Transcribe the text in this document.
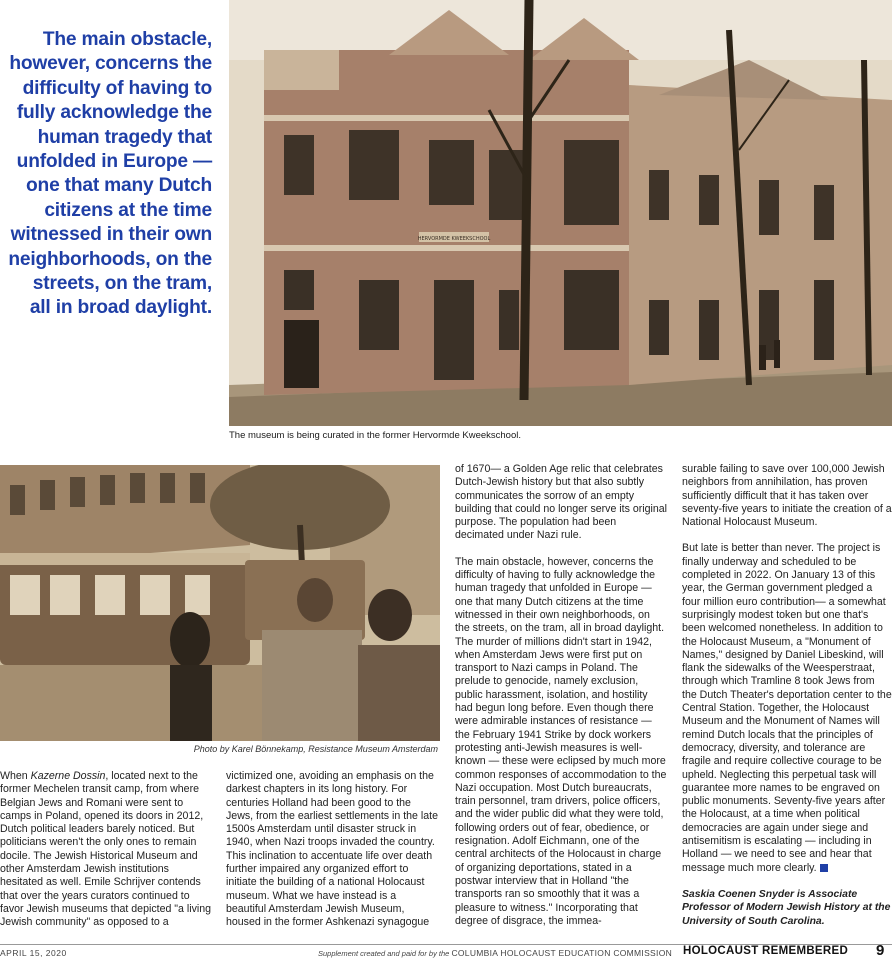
The main obstacle, however, concerns the difficulty of having to fully acknowledge the human tragedy that unfolded in Europe — one that many Dutch citizens at the time witnessed in their own neighborhoods, on the streets, on the tram, all in broad daylight.
HERVORMDE KWEEKSCHOOL
The museum is being curated in the former Hervormde Kweekschool.
Photo by Karel Bönnekamp, Resistance Museum Amsterdam

When Kazerne Dossin, located next to the former Mechelen transit camp, from where Belgian Jews and Romani were sent to camps in Poland, opened its doors in 2012, Dutch political leaders barely noticed. But politicians weren't the only ones to remain docile. The Jewish Historical Museum and other Amsterdam Jewish institutions hesitated as well. Emile Schrijver contends that over the years curators continued to favor Jewish museums that depicted "a living Jewish community" as opposed to a

victimized one, avoiding an emphasis on the darkest chapters in its long history. For centuries Holland had been good to the Jews, from the earliest settlements in the late 1500s Amsterdam until disaster struck in 1940, when Nazi troops invaded the country. This inclination to accentuate life over death further impaired any organized effort to initiate the building of a national Holocaust museum. What we have instead is a beautiful Amsterdam Jewish Museum, housed in the former Ashkenazi synagogue

of 1670— a Golden Age relic that celebrates Dutch-Jewish history but that also subtly communicates the sorrow of an empty building that could no longer serve its original purpose. The population had been decimated under Nazi rule.

The main obstacle, however, concerns the difficulty of having to fully acknowledge the human tragedy that unfolded in Europe — one that many Dutch citizens at the time witnessed in their own neighborhoods, on the streets, on the tram, all in broad daylight. The murder of millions didn't start in 1942, when Amsterdam Jews were first put on transport to Nazi camps in Poland. The prelude to genocide, namely exclusion, public harassment, isolation, and hostility had begun long before. Even though there were admirable instances of resistance — the February 1941 Strike by dock workers protesting anti-Jewish measures is well-known — these were eclipsed by much more common responses of accommodation to the Nazi occupation. Most Dutch bureaucrats, train personnel, tram drivers, police officers, and the wider public did what they were told, following orders out of fear, obedience, or resignation. Adolf Eichmann, one of the central architects of the Holocaust in charge of organizing deportations, stated in a postwar interview that in Holland "the transports ran so smoothly that it was a pleasure to witness." Incorporating that degree of disgrace, the immea-

surable failing to save over 100,000 Jewish neighbors from annihilation, has proven sufficiently difficult that it has taken over seventy-five years to initiate the creation of a National Holocaust Museum.

But late is better than never. The project is finally underway and scheduled to be completed in 2022. On January 13 of this year, the German government pledged a four million euro contribution— a somewhat surprisingly modest token but one that's been welcomed nonetheless. In addition to the Holocaust Museum, a "Monument of Names," designed by Daniel Libeskind, will flank the sidewalks of the Weesperstraat, through which Tramline 8 took Jews from the Dutch Theater's deportation center to the Central Station. Together, the Holocaust Museum and the Monument of Names will remind Dutch locals that the principles of democracy, diversity, and tolerance are fragile and require collective courage to be upheld. Neglecting this perpetual task will guarantee more names to be engraved on public monuments. Seventy-five years after the Holocaust, at a time when political democracies are again under siege and antisemitism is escalating — including in Holland — we need to see and hear that message much more clearly.

Saskia Coenen Snyder is Associate Professor of Modern Jewish History at the University of South Carolina.

APRIL 15, 2020	Supplement created and paid for by the COLUMBIA HOLOCAUST EDUCATION COMMISSION HOLOCAUST REMEMBERED 9
